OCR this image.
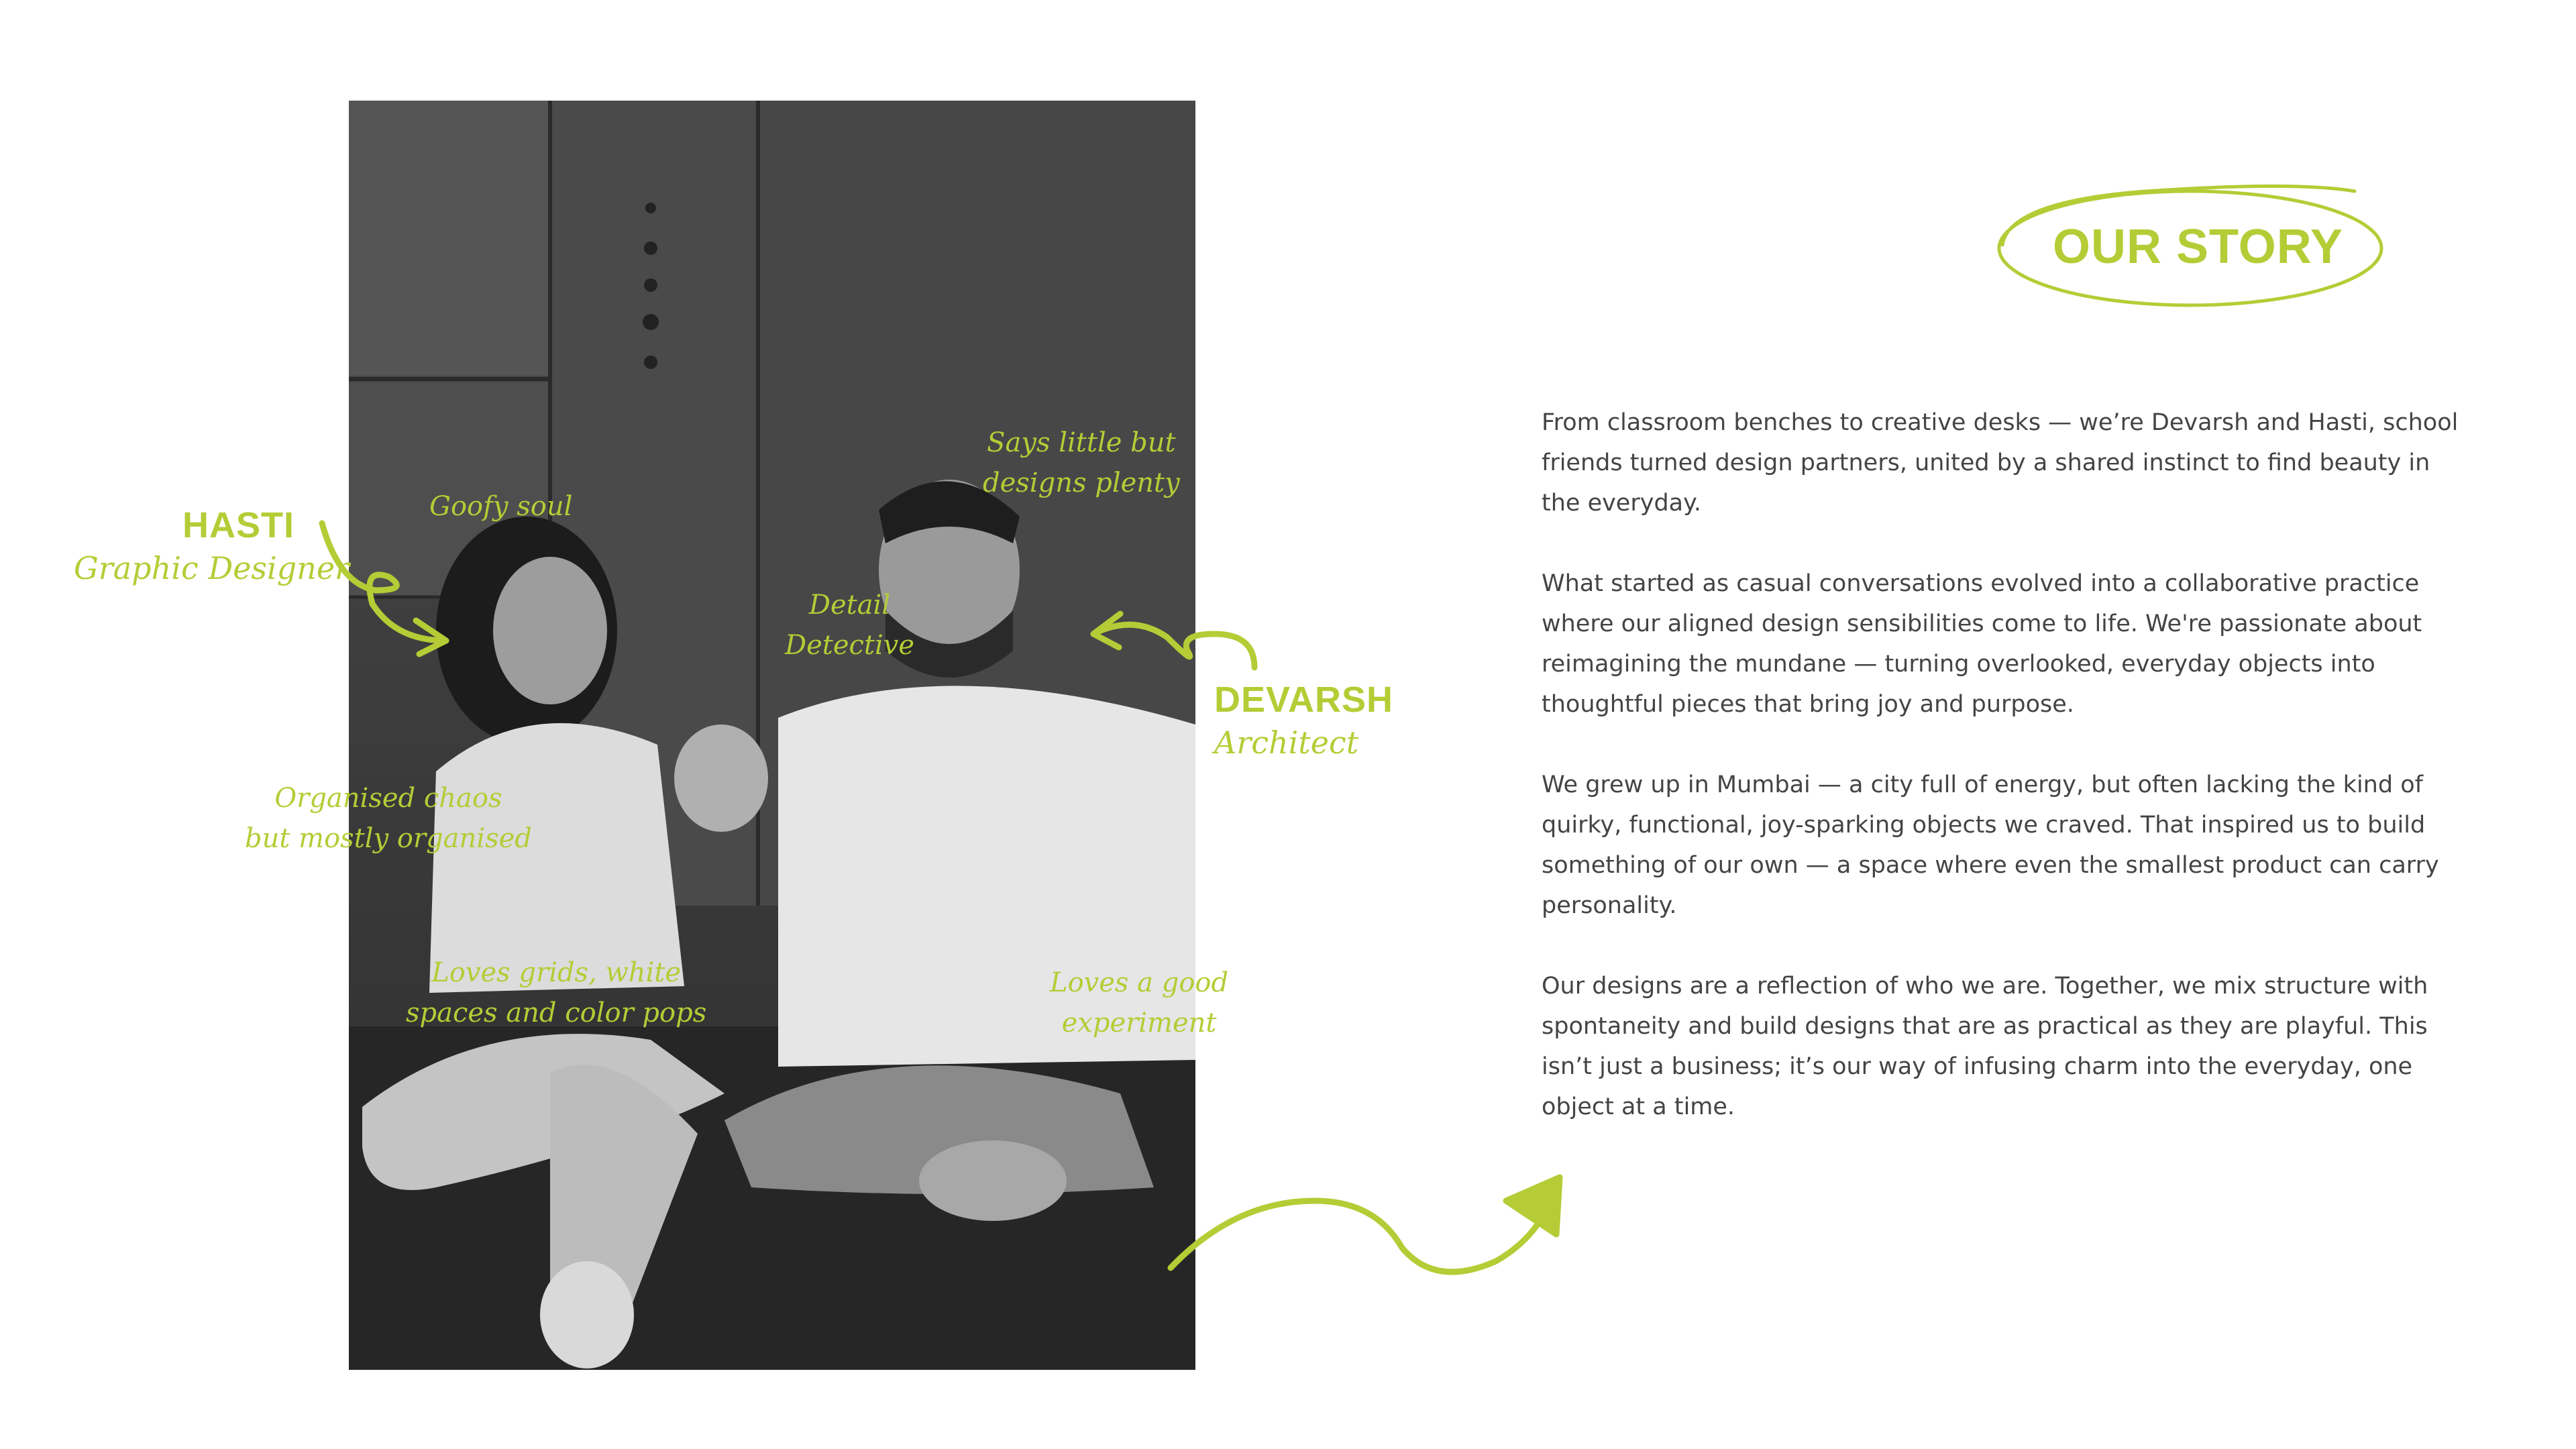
Goofy soul
Says little but
designs plenty
Detail
Detective
Loves grids, white
spaces and color pops
Loves a good
experiment
Organised chaos
but mostly organised
HASTI
Graphic Designer
DEVARSH
Architect
OUR STORY

From classroom benches to creative desks — we’re Devarsh and Hasti, school friends turned design partners, united by a shared instinct to find beauty in the everyday.

What started as casual conversations evolved into a collaborative practice where our aligned design sensibilities come to life. We're passionate about reimagining the mundane — turning overlooked, everyday objects into thoughtful pieces that bring joy and purpose.

We grew up in Mumbai — a city full of energy, but often lacking the kind of quirky, functional, joy-sparking objects we craved. That inspired us to build something of our own — a space where even the smallest product can carry personality.

Our designs are a reflection of who we are. Together, we mix structure with spontaneity and build designs that are as practical as they are playful. This isn’t just a business; it’s our way of infusing charm into the everyday, one object at a time.
